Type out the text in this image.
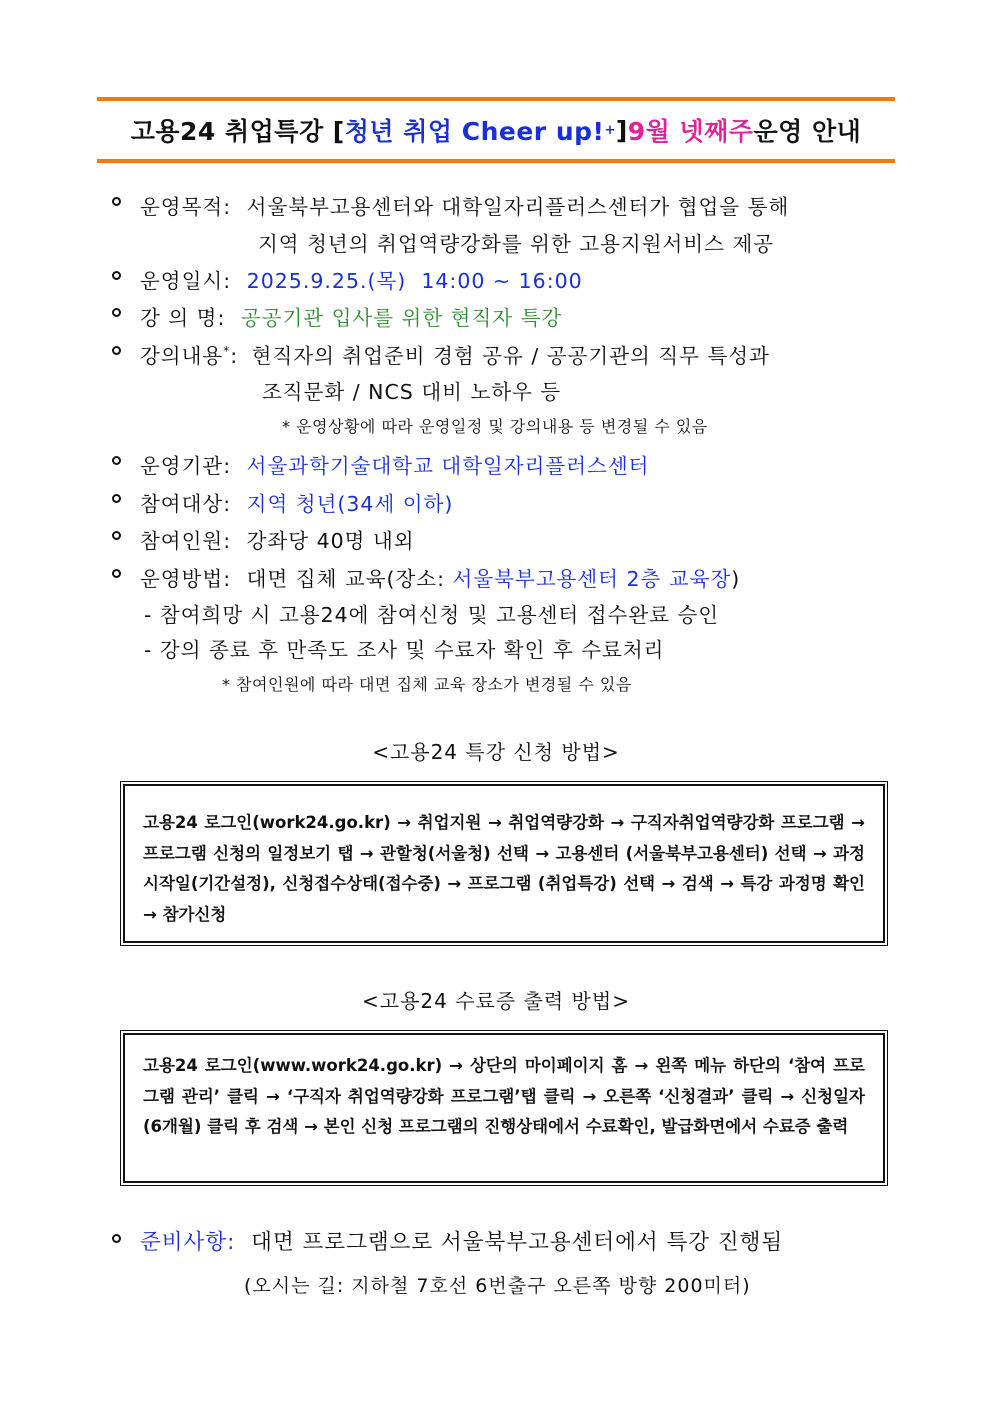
고용24 취업특강 [ 청년 취업 Cheer up! + ] 9월 넷째주 운영 안내
운영목적: 서울북부고용센터와 대학일자리플러스센터가 협업을 통해
지역 청년의 취업역량강화를 위한 고용지원서비스 제공
운영일시: 2025.9.25.(목)  14:00 ~ 16:00
강 의 명: 공공기관 입사를 위한 현직자 특강
강의내용*: 현직자의 취업준비 경험 공유 / 공공기관의 직무 특성과
조직문화 / NCS 대비 노하우 등
* 운영상황에 따라 운영일정 및 강의내용 등 변경될 수 있음
운영기관: 서울과학기술대학교 대학일자리플러스센터
참여대상: 지역 청년(34세 이하)
참여인원: 강좌당 40명 내외
운영방법: 대면 집체 교육(장소: 서울북부고용센터 2층 교육장)
- 참여희망 시 고용24에 참여신청 및 고용센터 접수완료 승인
- 강의 종료 후 만족도 조사 및 수료자 확인 후 수료처리
* 참여인원에 따라 대면 집체 교육 장소가 변경될 수 있음
<고용24 특강 신청 방법>
고용24 로그인(work24.go.kr) → 취업지원 → 취업역량강화 → 구직자취업역량강화 프로그램 → 프로그램 신청의 일정보기 탭 → 관할청(서울청) 선택 → 고용센터 (서울북부고용센터) 선택 → 과정 시작일(기간설정), 신청접수상태(접수중) → 프로그램 (취업특강) 선택 → 검색 → 특강 과정명 확인 → 참가신청
<고용24 수료증 출력 방법>
고용24 로그인(www.work24.go.kr) → 상단의 마이페이지 홈 → 왼쪽 메뉴 하단의 ‘참여 프로그램 관리’ 클릭 → ‘구직자 취업역량강화 프로그램’탭 클릭 → 오른쪽 ‘신청결과’ 클릭 → 신청일자(6개월) 클릭 후 검색 → 본인 신청 프로그램의 진행상태에서 수료확인, 발급화면에서 수료증 출력
준비사항: 대면 프로그램으로 서울북부고용센터에서 특강 진행됨
(오시는 길: 지하철 7호선 6번출구 오른쪽 방향 200미터)
